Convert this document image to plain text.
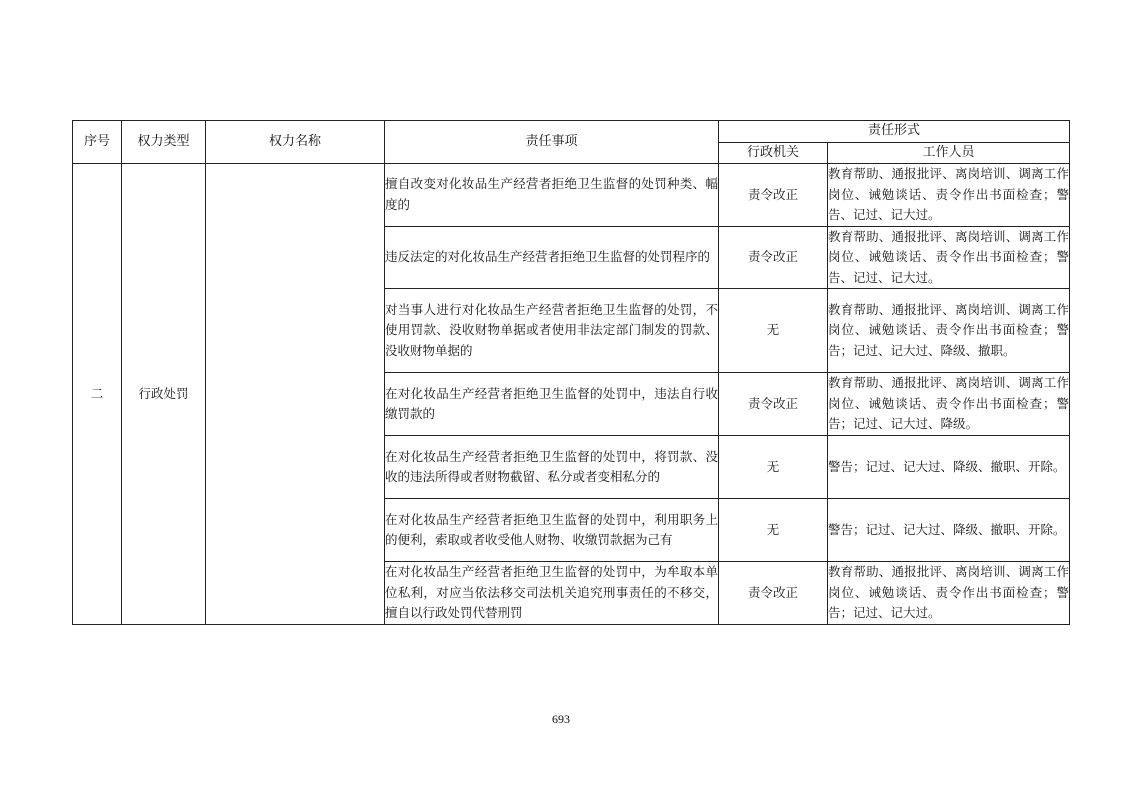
序号	权力类型	权力名称	责任事项	责任形式	
				行政机关	工作人员
二	行政处罚		擅自改变对化妆品生产经营者拒绝卫生监督的处罚种类、幅度的	责令改正	教育帮助、通报批评、离岗培训、调离工作岗位、诫勉谈话、责令作出书面检查；警告、记过、记大过。
			违反法定的对化妆品生产经营者拒绝卫生监督的处罚程序的	责令改正	教育帮助、通报批评、离岗培训、调离工作岗位、诫勉谈话、责令作出书面检查；警告、记过、记大过。
			对当事人进行对化妆品生产经营者拒绝卫生监督的处罚，不使用罚款、没收财物单据或者使用非法定部门制发的罚款、没收财物单据的	无	教育帮助、通报批评、离岗培训、调离工作岗位、诫勉谈话、责令作出书面检查；警告；记过、记大过、降级、撤职。
			在对化妆品生产经营者拒绝卫生监督的处罚中，违法自行收缴罚款的	责令改正	教育帮助、通报批评、离岗培训、调离工作岗位、诫勉谈话、责令作出书面检查；警告；记过、记大过、降级。
			在对化妆品生产经营者拒绝卫生监督的处罚中，将罚款、没收的违法所得或者财物截留、私分或者变相私分的	无	警告；记过、记大过、降级、撤职、开除。
			在对化妆品生产经营者拒绝卫生监督的处罚中，利用职务上的便利，索取或者收受他人财物、收缴罚款据为己有	无	警告；记过、记大过、降级、撤职、开除。
			在对化妆品生产经营者拒绝卫生监督的处罚中，为牟取本单位私利，对应当依法移交司法机关追究刑事责任的不移交，擅自以行政处罚代替刑罚	责令改正	教育帮助、通报批评、离岗培训、调离工作岗位、诫勉谈话、责令作出书面检查；警告；记过、记大过。
693
